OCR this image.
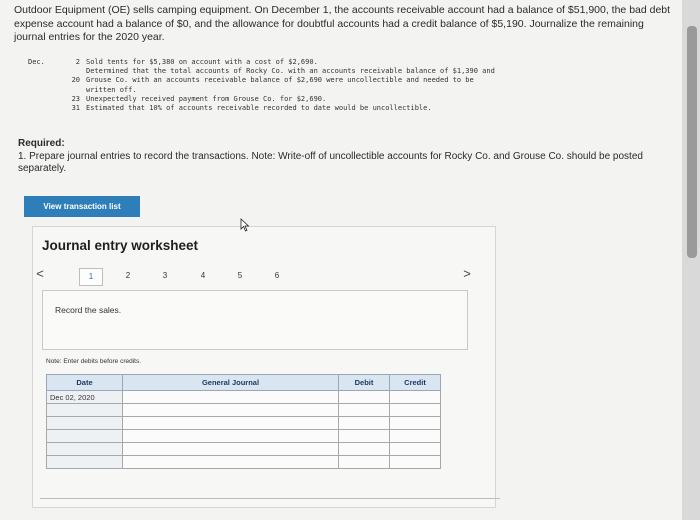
Outdoor Equipment (OE) sells camping equipment. On December 1, the accounts receivable account had a balance of $51,900, the bad debt expense account had a balance of $0, and the allowance for doubtful accounts had a credit balance of $5,190. Journalize the remaining journal entries for the 2020 year.
Dec.	2 Sold tents for $5,380 on account with a cost of $2,690.
Determined that the total accounts of Rocky Co. with an accounts receivable balance of $1,390 and
20 Grouse Co. with an accounts receivable balance of $2,690 were uncollectible and needed to be
written off.
23 Unexpectedly received payment from Grouse Co. for $2,690.
31 Estimated that 10% of accounts receivable recorded to date would be uncollectible.
Required:
1. Prepare journal entries to record the transactions. Note: Write-off of uncollectible accounts for Rocky Co. and Grouse Co. should be posted separately.
View transaction list
Journal entry worksheet
<	1	2	3	4	5	6	>
Record the sales.
Note: Enter debits before credits.
Date	General Journal	Debit	Credit
Dec 02, 2020			
